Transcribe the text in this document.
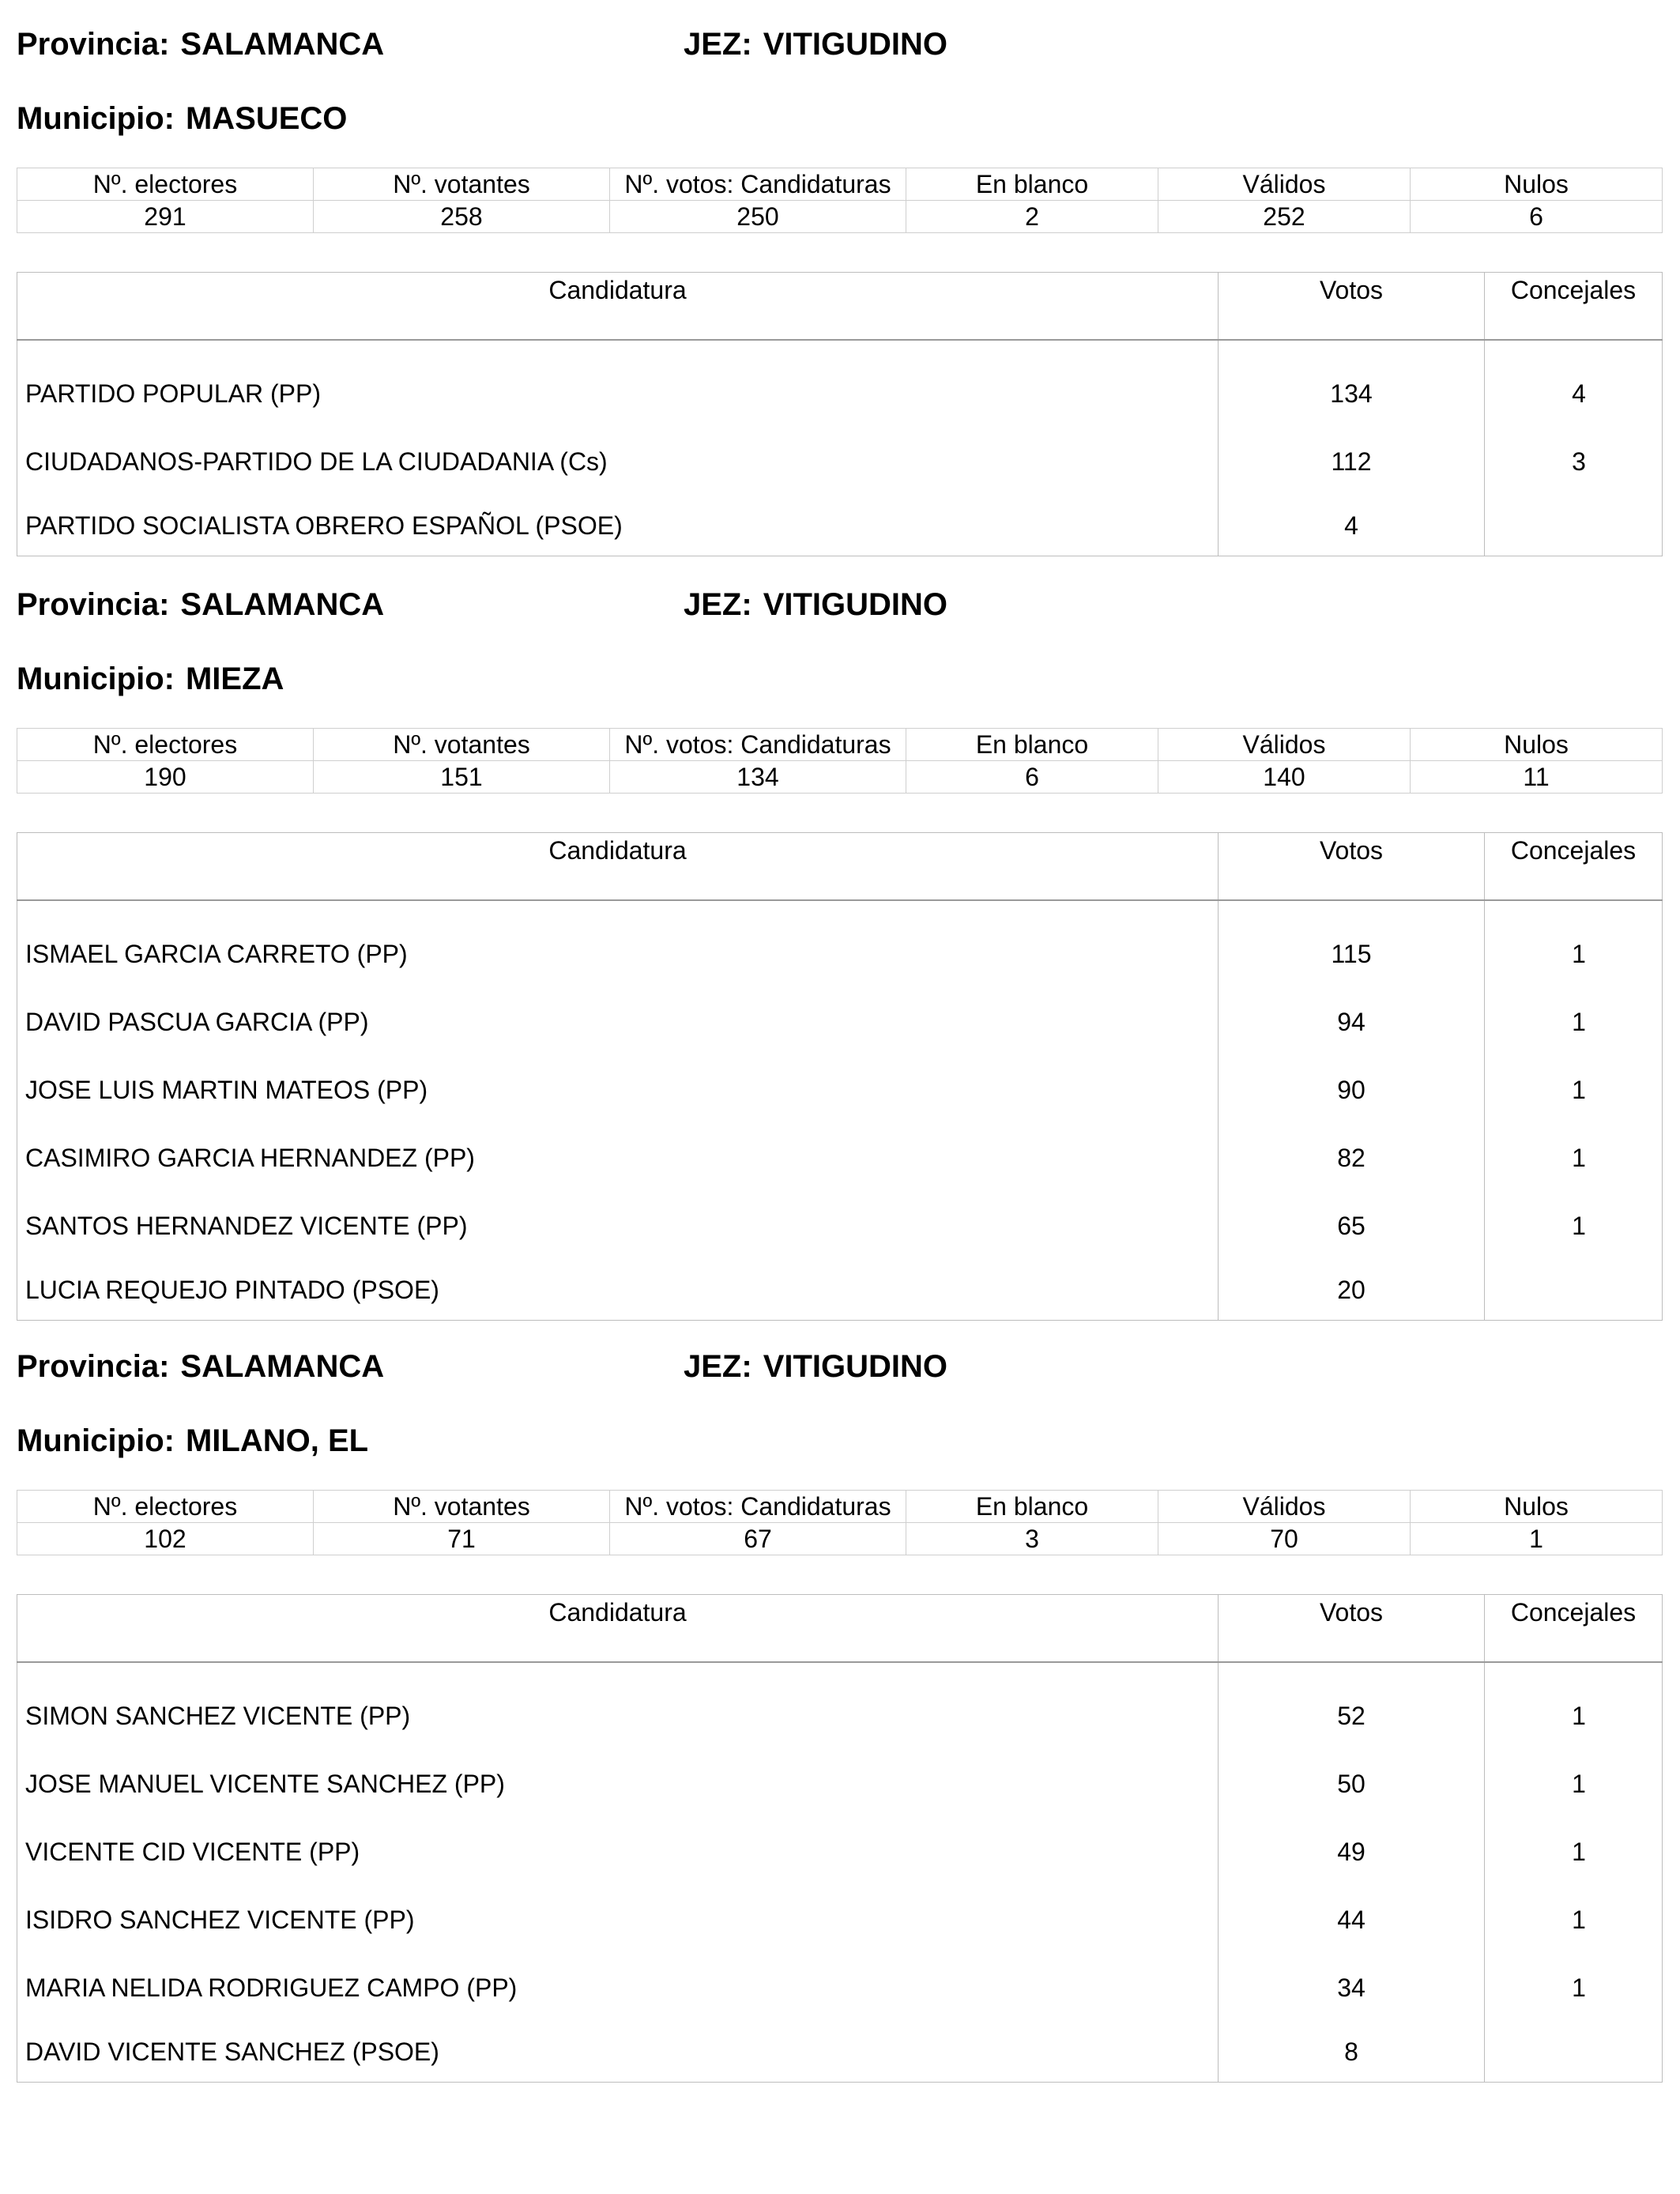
Provincia: SALAMANCA	JEZ: VITIGUDINO
Municipio: MASUECO
Nº. electores	Nº. votantes	Nº. votos: Candidaturas	En blanco	Válidos	Nulos
291	258	250	2	252	6
Candidatura	Votos	Concejales
PARTIDO POPULAR (PP)	134	4
CIUDADANOS-PARTIDO DE LA CIUDADANIA (Cs)	112	3
PARTIDO SOCIALISTA OBRERO ESPAÑOL (PSOE)	4	
Provincia: SALAMANCA	JEZ: VITIGUDINO
Municipio: MIEZA
Nº. electores	Nº. votantes	Nº. votos: Candidaturas	En blanco	Válidos	Nulos
190	151	134	6	140	11
Candidatura	Votos	Concejales
ISMAEL GARCIA CARRETO (PP)	115	1
DAVID PASCUA GARCIA (PP)	94	1
JOSE LUIS MARTIN MATEOS (PP)	90	1
CASIMIRO GARCIA HERNANDEZ (PP)	82	1
SANTOS HERNANDEZ VICENTE (PP)	65	1
LUCIA REQUEJO PINTADO (PSOE)	20	
Provincia: SALAMANCA	JEZ: VITIGUDINO
Municipio: MILANO, EL
Nº. electores	Nº. votantes	Nº. votos: Candidaturas	En blanco	Válidos	Nulos
102	71	67	3	70	1
Candidatura	Votos	Concejales
SIMON SANCHEZ VICENTE (PP)	52	1
JOSE MANUEL VICENTE SANCHEZ (PP)	50	1
VICENTE CID VICENTE (PP)	49	1
ISIDRO SANCHEZ VICENTE (PP)	44	1
MARIA NELIDA RODRIGUEZ CAMPO (PP)	34	1
DAVID VICENTE SANCHEZ (PSOE)	8	
